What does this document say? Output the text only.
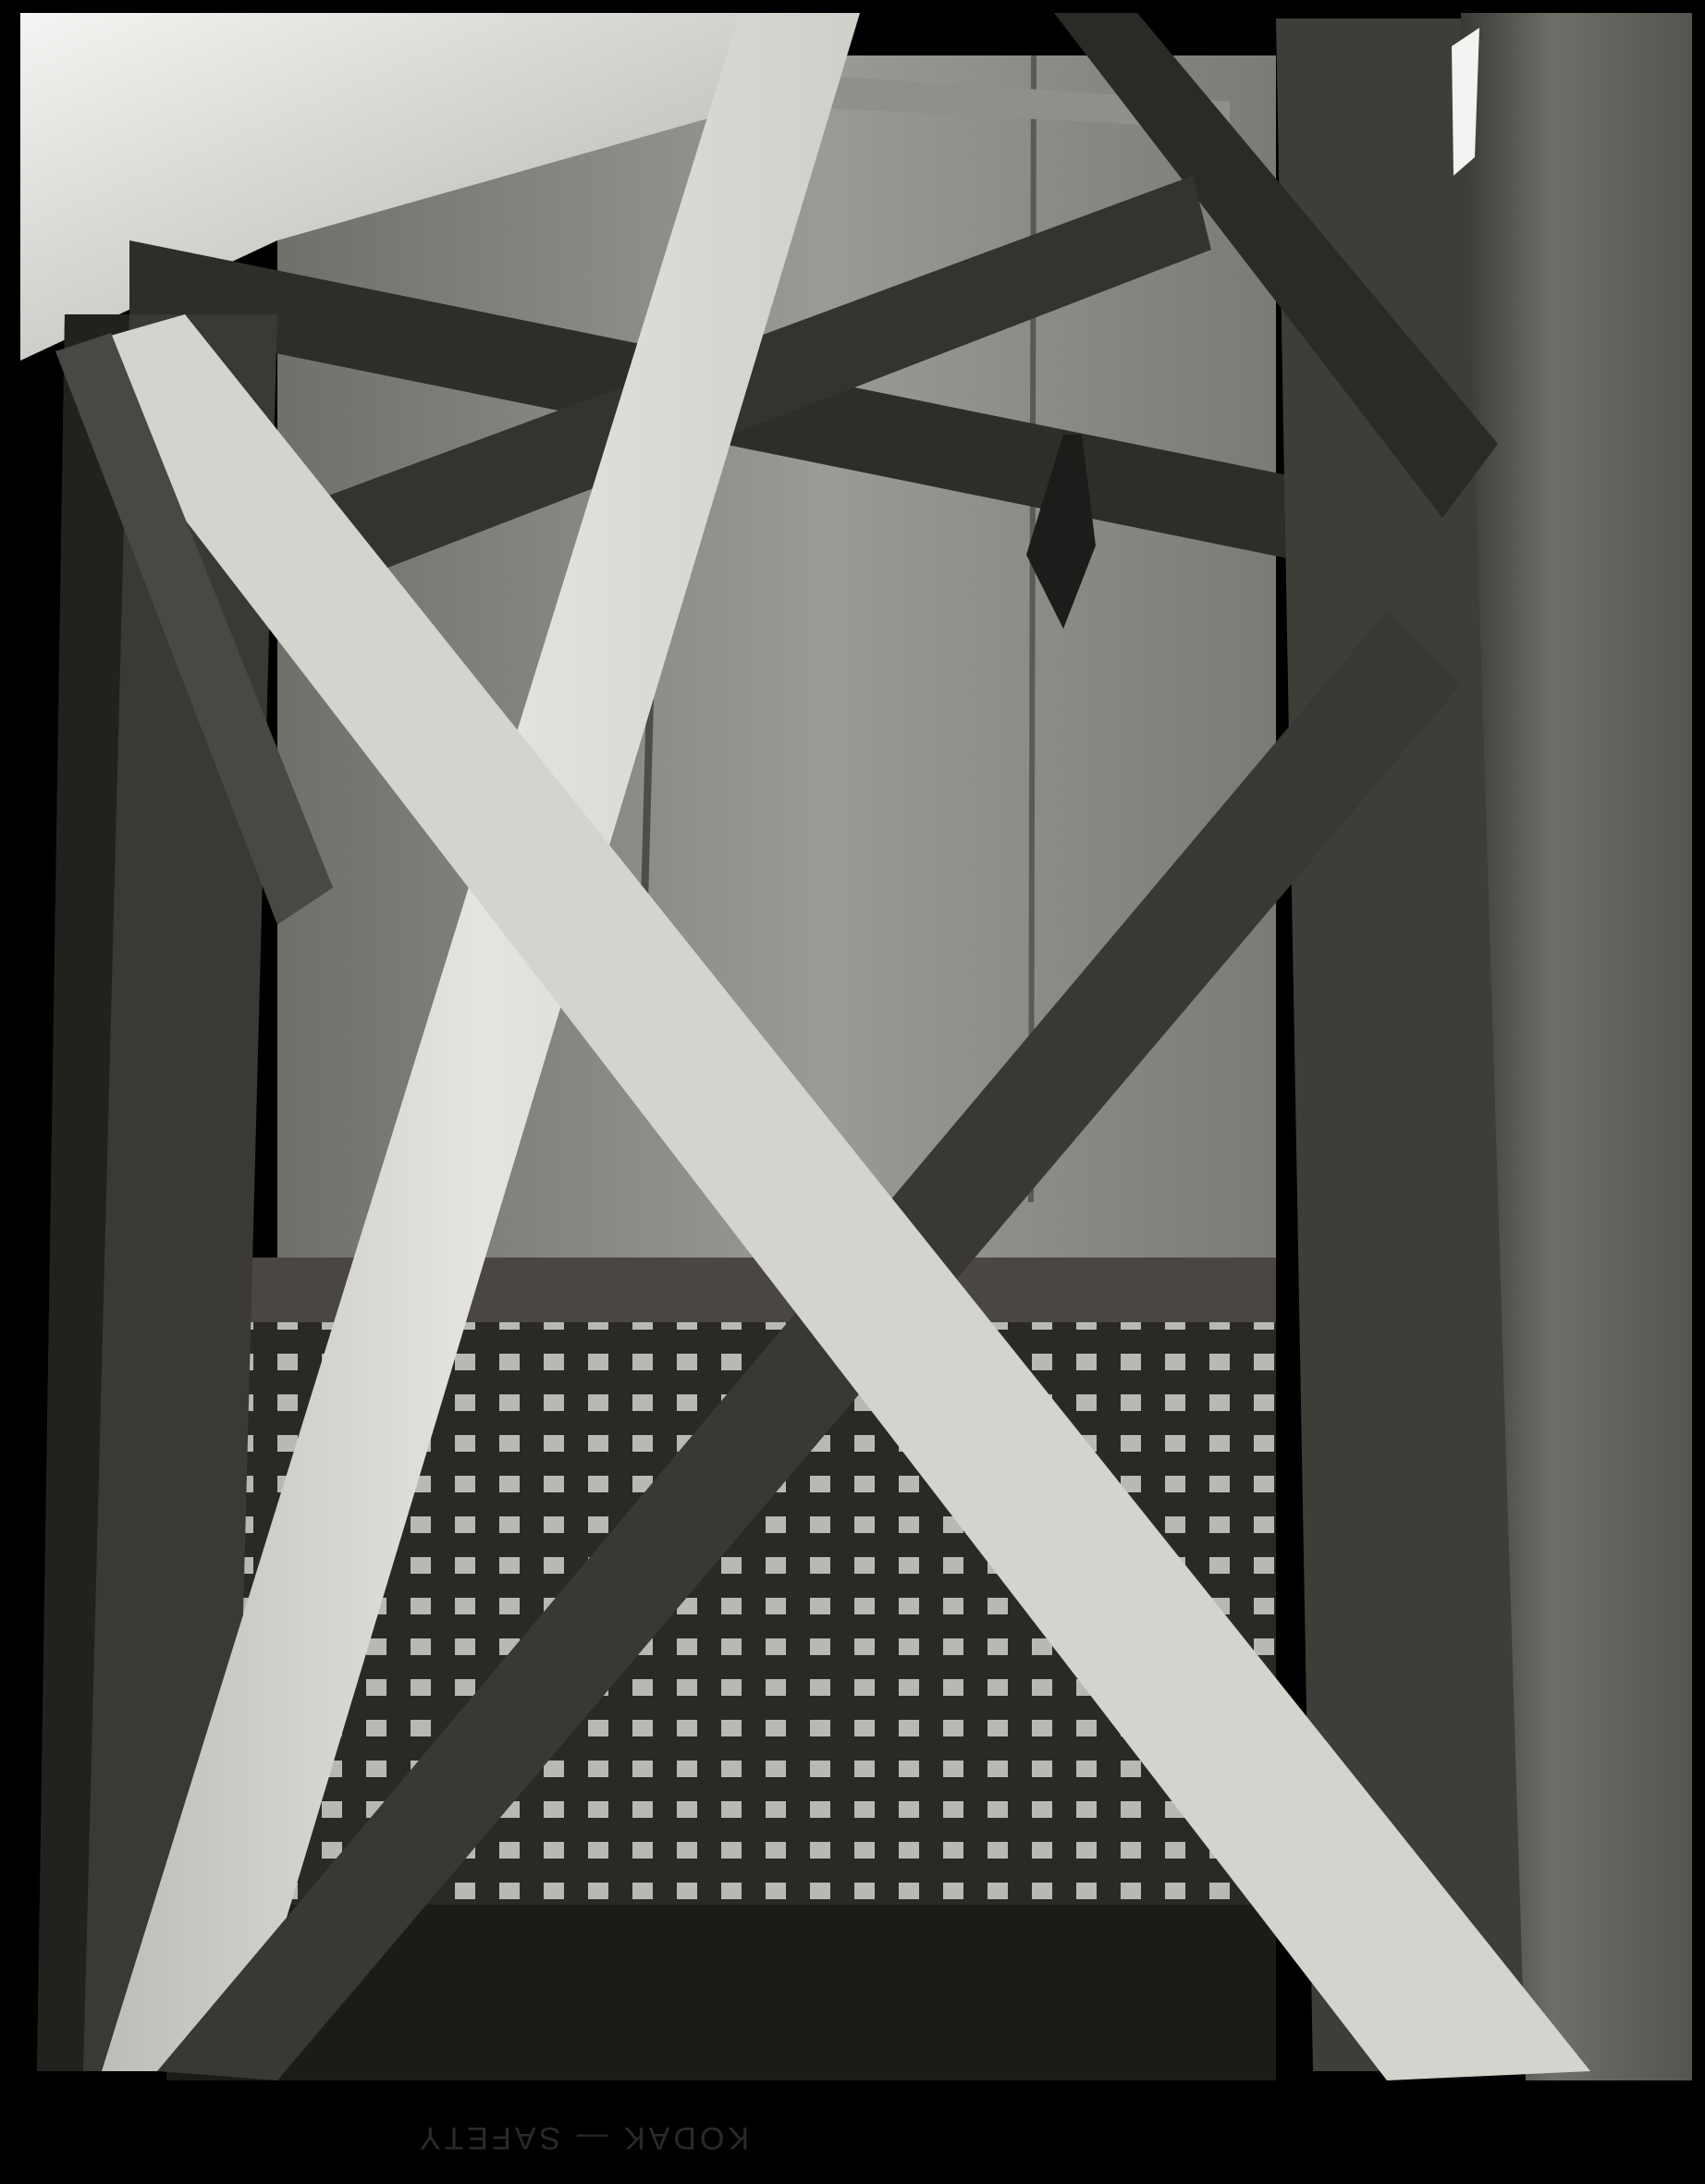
KODAK — SAFETY
